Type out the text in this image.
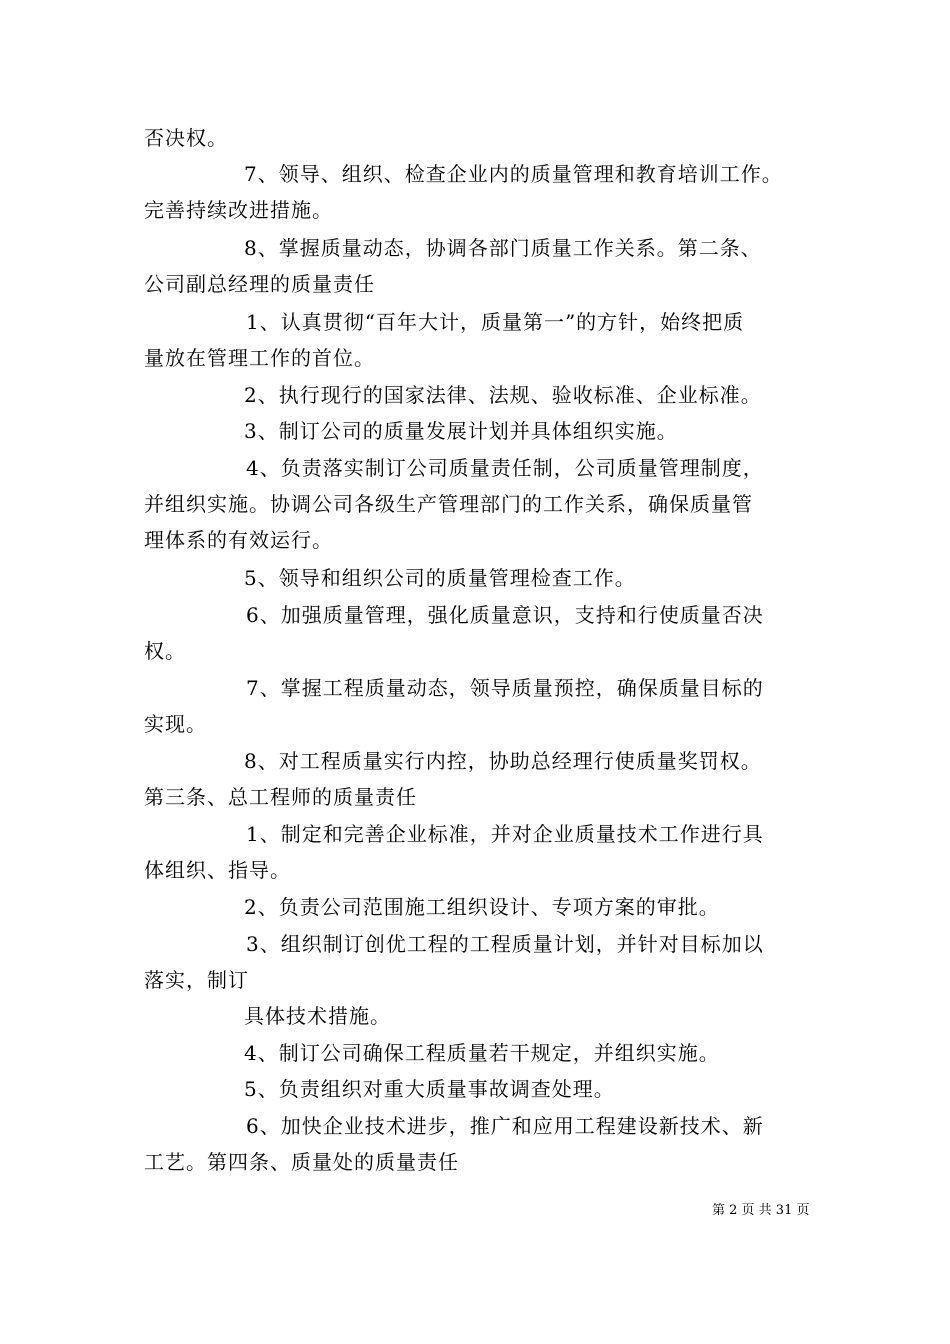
否决权。
7、领导、组织、检查企业内的质量管理和教育培训工作。
完善持续改进措施。
8、掌握质量动态，协调各部门质量工作关系。第二条、
公司副总经理的质量责任
1、认真贯彻“百年大计，质量第一”的方针，始终把质
量放在管理工作的首位。
2、执行现行的国家法律、法规、验收标准、企业标准。
3、制订公司的质量发展计划并具体组织实施。
4、负责落实制订公司质量责任制，公司质量管理制度，
并组织实施。协调公司各级生产管理部门的工作关系，确保质量管
理体系的有效运行。
5、领导和组织公司的质量管理检查工作。
6、加强质量管理，强化质量意识，支持和行使质量否决
权。
7、掌握工程质量动态，领导质量预控，确保质量目标的
实现。
8、对工程质量实行内控，协助总经理行使质量奖罚权。
第三条、总工程师的质量责任
1、制定和完善企业标准，并对企业质量技术工作进行具
体组织、指导。
2、负责公司范围施工组织设计、专项方案的审批。
3、组织制订创优工程的工程质量计划，并针对目标加以
落实，制订
具体技术措施。
4、制订公司确保工程质量若干规定，并组织实施。
5、负责组织对重大质量事故调查处理。
6、加快企业技术进步，推广和应用工程建设新技术、新
工艺。第四条、质量处的质量责任
第 2 页 共 31 页
